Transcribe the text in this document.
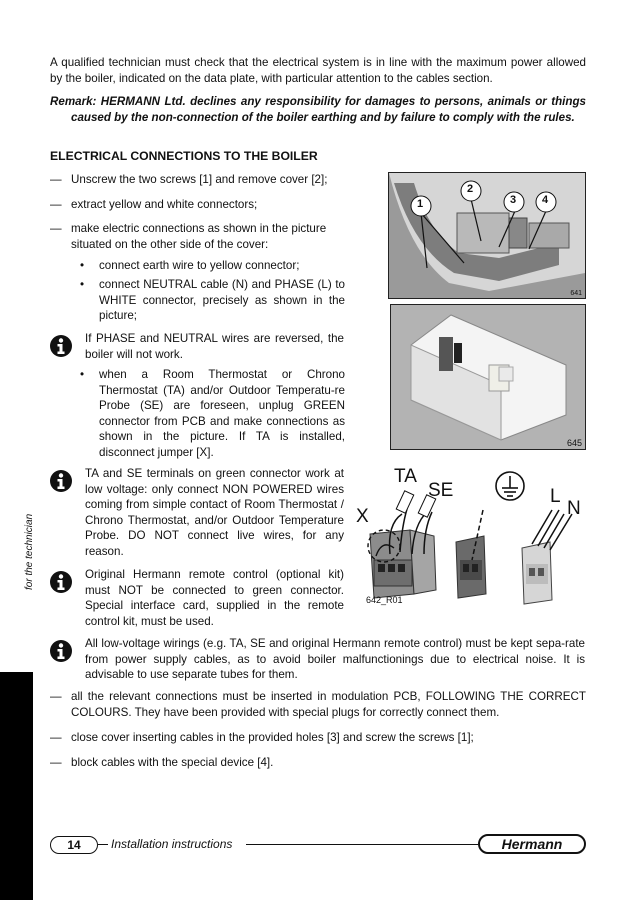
A qualified technician must check that the electrical system is in line with the maximum power allowed by the boiler, indicated on the data plate, with particular attention to the cables section.

Remark: HERMANN Ltd. declines any responsibility for damages to persons, animals or things caused by the non-connection of the boiler earthing and by failure to comply with the rules.

ELECTRICAL CONNECTIONS TO THE BOILER

— Unscrew the two screws [1] and remove cover [2];

— extract yellow and white connectors;

— make electric connections as shown in the picture situated on the other side of the cover:

• connect earth wire to yellow connector;

• connect NEUTRAL cable (N) and PHASE (L) to WHITE connector, precisely as shown in the picture;

If PHASE and NEUTRAL wires are reversed, the boiler will not work.

• when a Room Thermostat or Chrono Thermostat (TA) and/or Outdoor Temperatu-re Probe (SE) are foreseen, unplug GREEN connector from PCB and make connections as shown in the picture. If TA is installed, disconnect jumper [X].

TA and SE terminals on green connector work at low voltage: only connect NON POWERED wires coming from simple contact of Room Thermostat / Chrono Thermostat, and/or Outdoor Temperature Probe. DO NOT connect live wires, for any reason.

Original Hermann remote control (optional kit) must NOT be connected to green connector. Special interface card, supplied in the remote control kit, must be used.

All low-voltage wirings (e.g. TA, SE and original Hermann remote control) must be kept sepa-rate from power supply cables, as to avoid boiler malfunctionings due to electrical noise. It is advisable to use separate tubes for them.

— all the relevant connections must be inserted in modulation PCB, FOLLOWING THE CORRECT COLOURS. They have been provided with special plugs for correctly connect them.

— close cover inserting cables in the provided holes [3] and screw the screws [1];

— block cables with the special device [4].

1
2
3 4
641
645
TA
SE
X
L
N
642_R01
for the technician
14	Installation instructions	Hermann
